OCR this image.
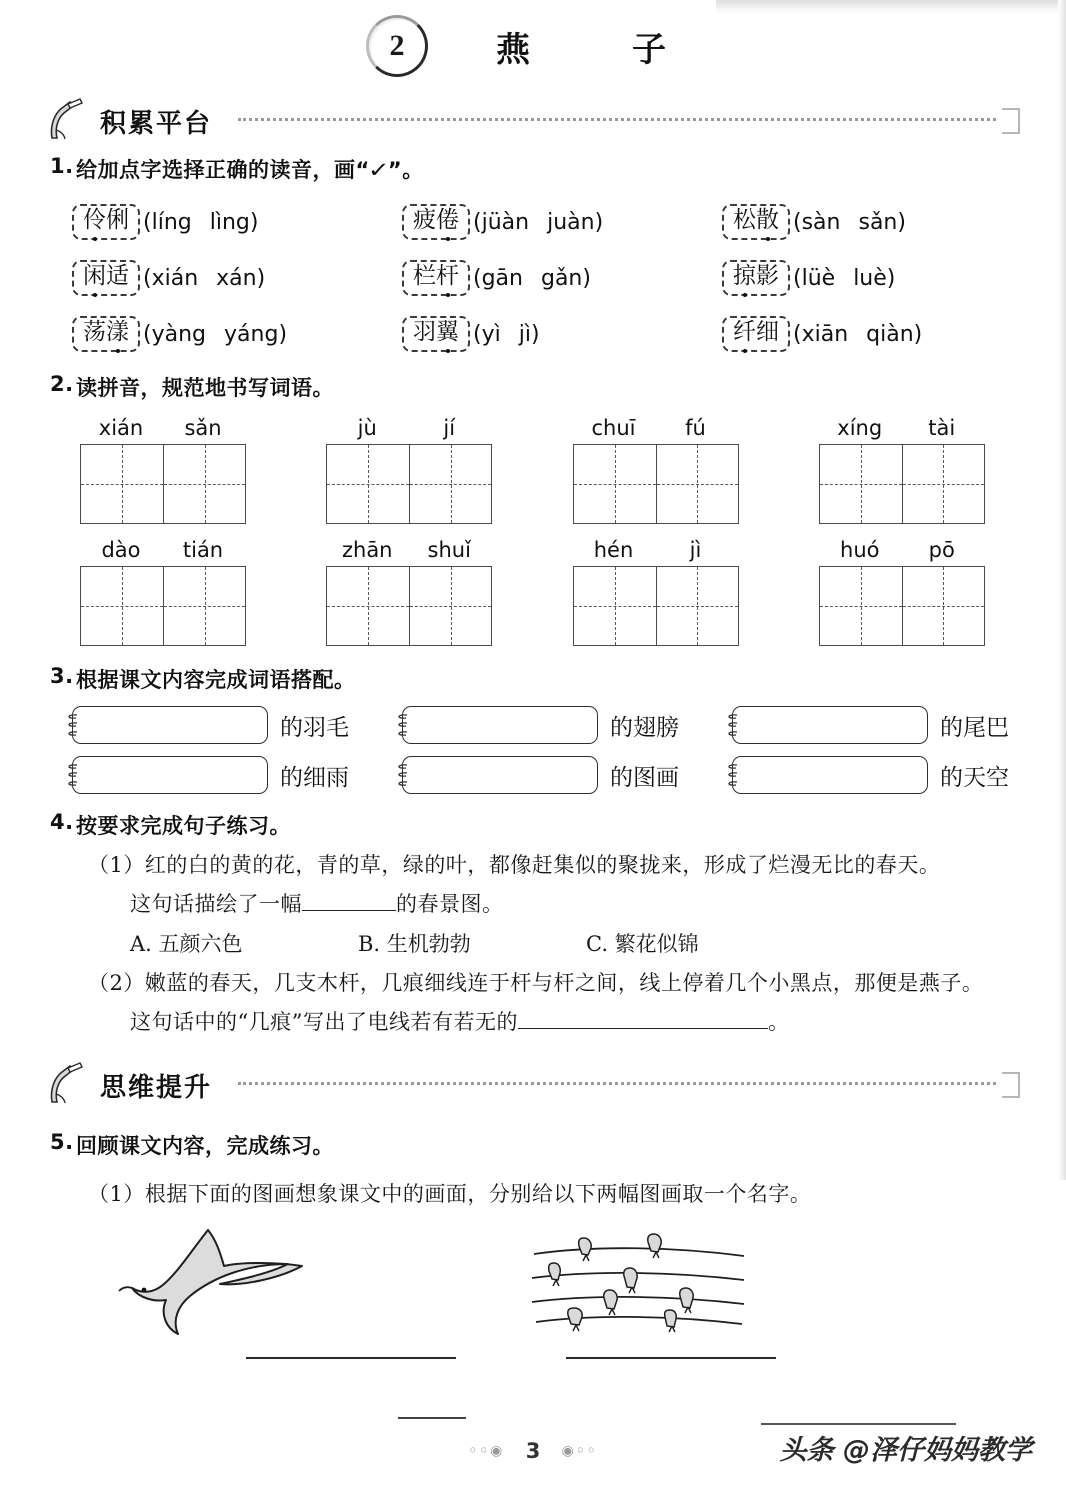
2	燕　子
积累平台
1. 给加点字选择正确的读音，画“✓”。
伶俐 (líng lìng)	疲倦 (jüàn juàn)	松散 (sàn sǎn)
闲适 (xián xán)	栏杆 (gān gǎn)	掠影 (lüè luè)
荡漾 (yàng yáng)	羽翼 (yì jì)	纤细 (xiān qiàn)
2. 读拼音，规范地书写词语。
xián	sǎn	jù	jí	chuī	fú	xíng	tài
dào	tián	zhān	shuǐ	hén	jì	huó	pō
3. 根据课文内容完成词语搭配。
的羽毛	的翅膀	的尾巴
的细雨	的图画	的天空
4. 按要求完成句子练习。
（1）红的白的黄的花，青的草，绿的叶，都像赶集似的聚拢来，形成了烂漫无比的春天。
这句话描绘了一幅	的春景图。
A. 五颜六色	B. 生机勃勃	C. 繁花似锦
（2）嫩蓝的春天，几支木杆，几痕细线连于杆与杆之间，线上停着几个小黑点，那便是燕子。
这句话中的“几痕”写出了电线若有若无的	。
思维提升
5. 回顾课文内容，完成练习。
（1）根据下面的图画想象课文中的画面，分别给以下两幅图画取一个名字。
◦◦◉ 3 ◉◦◦	头条 @泽仔妈妈教学
